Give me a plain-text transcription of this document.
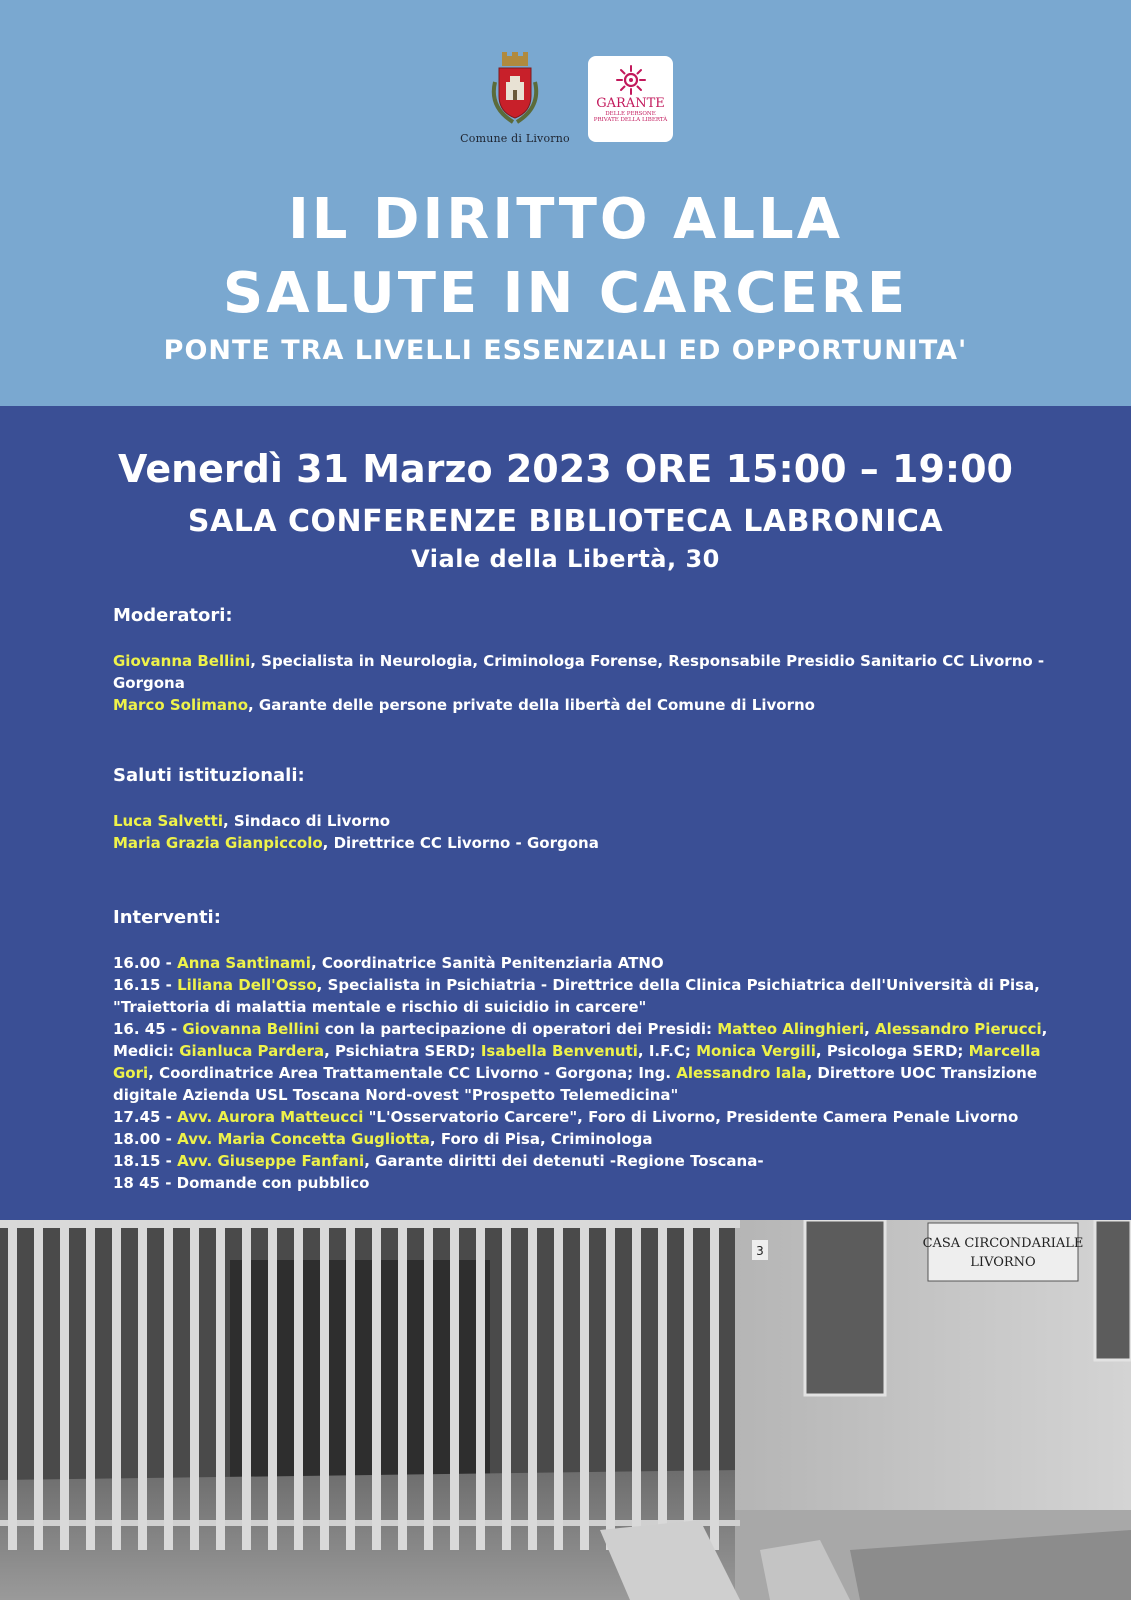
Comune di Livorno
GARANTE
DELLE PERSONE PRIVATE DELLA LIBERTÀ
IL DIRITTO ALLA
SALUTE IN CARCERE
PONTE TRA LIVELLI ESSENZIALI ED OPPORTUNITA'
Venerdì 31 Marzo 2023 ORE 15:00 – 19:00
SALA CONFERENZE BIBLIOTECA LABRONICA
Viale della Libertà, 30

Moderatori:

Giovanna Bellini, Specialista in Neurologia, Criminologa Forense, Responsabile Presidio Sanitario CC Livorno - Gorgona

Marco Solimano, Garante delle persone private della libertà del Comune di Livorno

Saluti istituzionali:

Luca Salvetti, Sindaco di Livorno

Maria Grazia Gianpiccolo, Direttrice CC Livorno - Gorgona

Interventi:

16.00 - Anna Santinami, Coordinatrice Sanità Penitenziaria ATNO

16.15 - Liliana Dell'Osso, Specialista in Psichiatria - Direttrice della Clinica Psichiatrica dell'Università di Pisa, "Traiettoria di malattia mentale e rischio di suicidio in carcere"

16. 45 - Giovanna Bellini con la partecipazione di operatori dei Presidi: Matteo Alinghieri, Alessandro Pierucci, Medici: Gianluca Pardera, Psichiatra SERD; Isabella Benvenuti, I.F.C; Monica Vergili, Psicologa SERD; Marcella Gori, Coordinatrice Area Trattamentale CC Livorno - Gorgona; Ing. Alessandro Iala, Direttore UOC Transizione digitale Azienda USL Toscana Nord-ovest "Prospetto Telemedicina"

17.45 - Avv. Aurora Matteucci "L'Osservatorio Carcere", Foro di Livorno, Presidente Camera Penale Livorno

18.00 - Avv. Maria Concetta Gugliotta, Foro di Pisa, Criminologa

18.15 - Avv. Giuseppe Fanfani, Garante diritti dei detenuti -Regione Toscana-

18 45 - Domande con pubblico

CASA CIRCONDARIALE
LIVORNO
3
